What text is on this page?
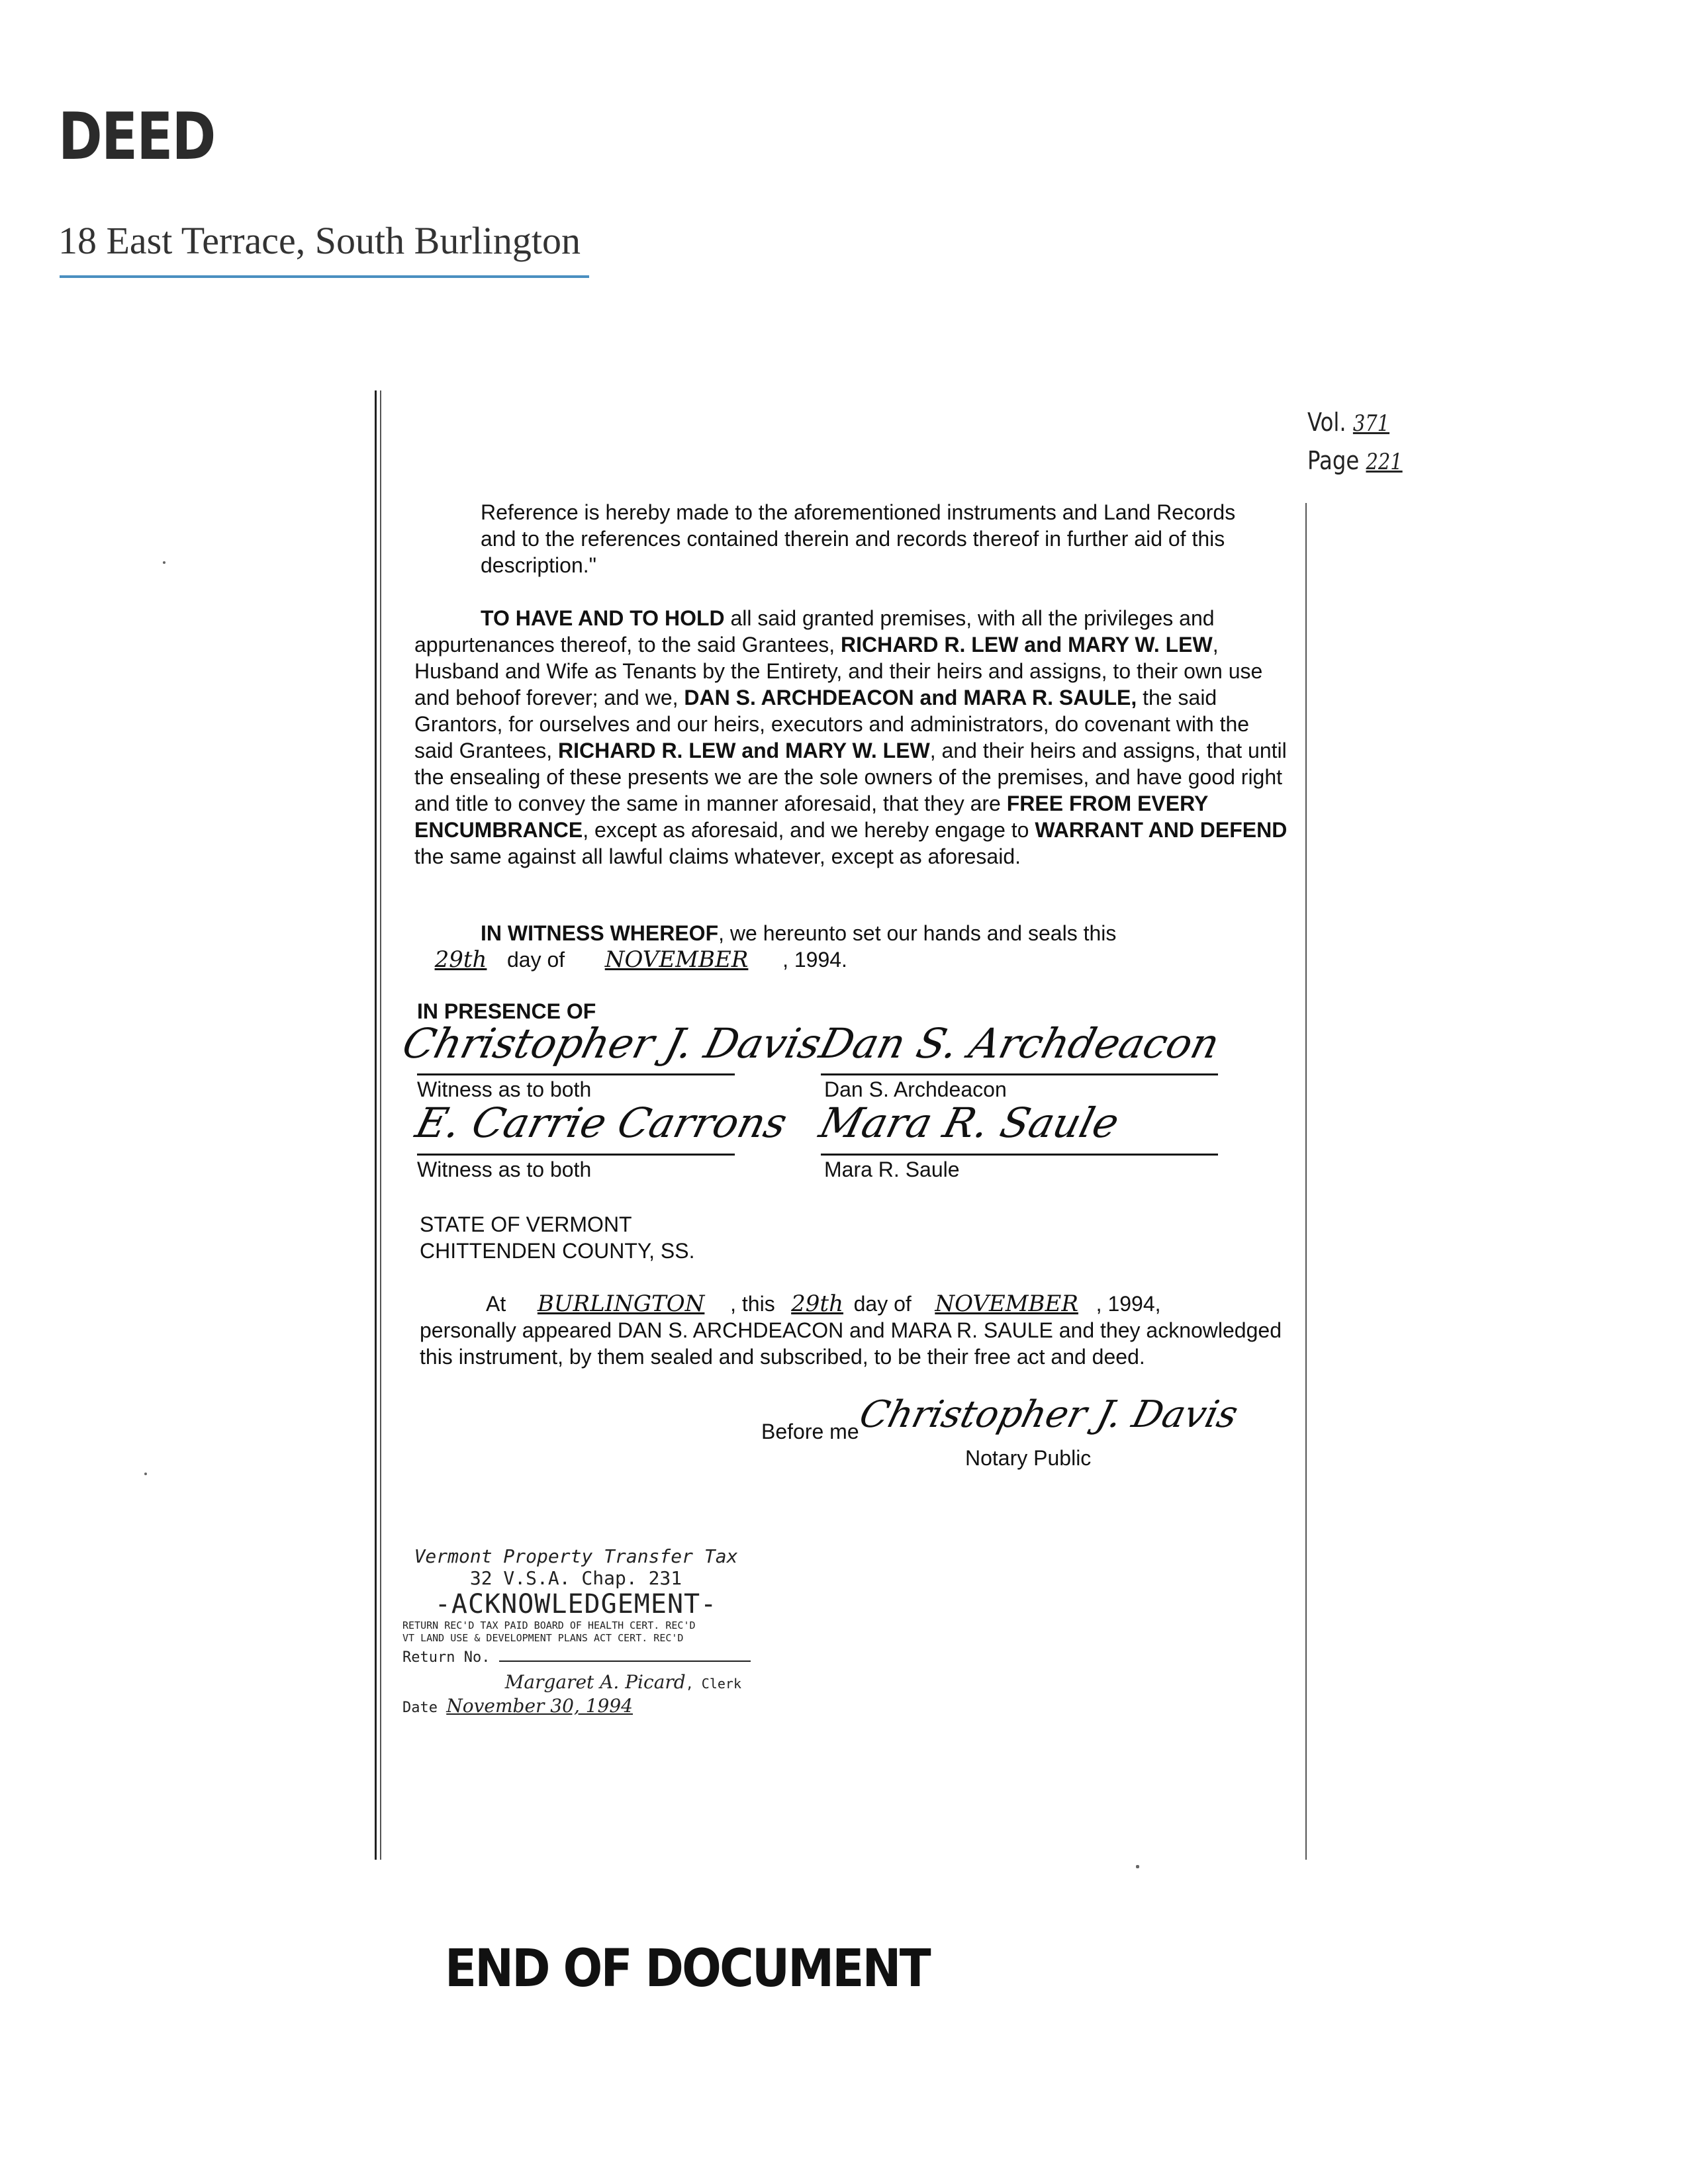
DEED
18 East Terrace, South Burlington
Vol. 371
Page 221
Reference is hereby made to the aforementioned instruments and Land Records and to the references contained therein and records thereof in further aid of this description."
TO HAVE AND TO HOLD all said granted premises, with all the privileges and appurtenances thereof, to the said Grantees, RICHARD R. LEW and MARY W. LEW, Husband and Wife as Tenants by the Entirety, and their heirs and assigns, to their own use and behoof forever; and we, DAN S. ARCHDEACON and MARA R. SAULE, the said Grantors, for ourselves and our heirs, executors and administrators, do covenant with the said Grantees, RICHARD R. LEW and MARY W. LEW, and their heirs and assigns, that until the ensealing of these presents we are the sole owners of the premises, and have good right and title to convey the same in manner aforesaid, that they are FREE FROM EVERY ENCUMBRANCE, except as aforesaid, and we hereby engage to WARRANT AND DEFEND the same against all lawful claims whatever, except as aforesaid.
IN WITNESS WHEREOF, we hereunto set our hands and seals this
29th day of NOVEMBER , 1994.
IN PRESENCE OF
Christopher J. Davis
Witness as to both
Dan S. Archdeacon
Dan S. Archdeacon
E. Carrie Carrons
Witness as to both
Mara R. Saule
Mara R. Saule
STATE OF VERMONT
CHITTENDEN COUNTY, SS.
At BURLINGTON , this 29th day of NOVEMBER , 1994,
personally appeared DAN S. ARCHDEACON and MARA R. SAULE and they acknowledged this instrument, by them sealed and subscribed, to be their free act and deed.
Before me
Christopher J. Davis
Notary Public
Vermont Property Transfer Tax
32 V.S.A. Chap. 231
-ACKNOWLEDGEMENT-
RETURN REC'D TAX PAID BOARD OF HEALTH CERT. REC'D
VT LAND USE & DEVELOPMENT PLANS ACT CERT. REC'D
Return No.
Margaret A. Picard, Clerk
Date November 30, 1994
END OF DOCUMENT
